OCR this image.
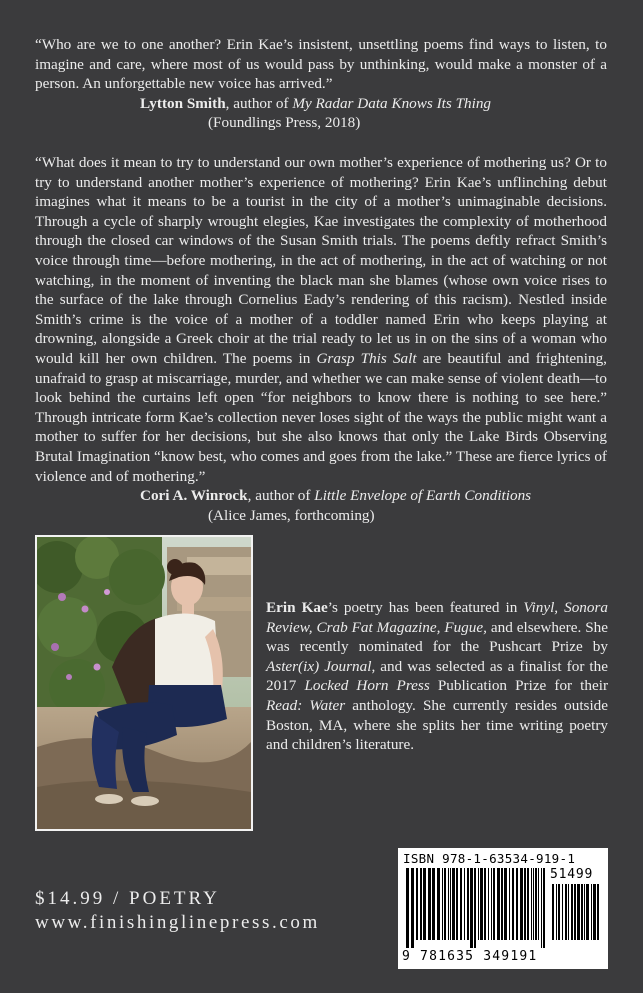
“Who are we to one another? Erin Kae’s insistent, unsettling poems find ways to listen, to imagine and care, where most of us would pass by unthinking, would make a monster of a person. An unforgettable new voice has arrived.”

Lytton Smith, author of My Radar Data Knows Its Thing

(Foundlings Press, 2018)

“What does it mean to try to understand our own mother’s experience of mothering us? Or to try to understand another mother’s experience of mothering? Erin Kae’s unflinching debut imagines what it means to be a tourist in the city of a mother’s unimaginable decisions. Through a cycle of sharply wrought elegies, Kae investigates the complexity of motherhood through the closed car windows of the Susan Smith trials. The poems deftly refract Smith’s voice through time—before mothering, in the act of mothering, in the act of watching or not watching, in the moment of inventing the black man she blames (whose own voice rises to the surface of the lake through Cornelius Eady’s rendering of this racism). Nestled inside Smith’s crime is the voice of a mother of a toddler named Erin who keeps playing at drowning, alongside a Greek choir at the trial ready to let us in on the sins of a woman who would kill her own children. The poems in Grasp This Salt are beautiful and frightening, unafraid to grasp at miscarriage, murder, and whether we can make sense of violent death—to look behind the curtains left open “for neighbors to know there is nothing to see here.” Through intricate form Kae’s collection never loses sight of the ways the public might want a mother to suffer for her decisions, but she also knows that only the Lake Birds Observing Brutal Imagination “know best, who comes and goes from the lake.” These are fierce lyrics of violence and of mothering.”

Cori A. Winrock, author of Little Envelope of Earth Conditions

(Alice James, forthcoming)

Erin Kae’s poetry has been featured in Vinyl, Sonora Review, Crab Fat Magazine, Fugue, and elsewhere. She was recently nominated for the Pushcart Prize by Aster(ix) Journal, and was selected as a finalist for the 2017 Locked Horn Press Publication Prize for their Read: Water anthology. She currently resides outside Boston, MA, where she splits her time writing poetry and children’s literature.

$14.99 / POETRY
www.finishinglinepress.com
ISBN 978-1-63534-919-1
9 781635 349191
51499
